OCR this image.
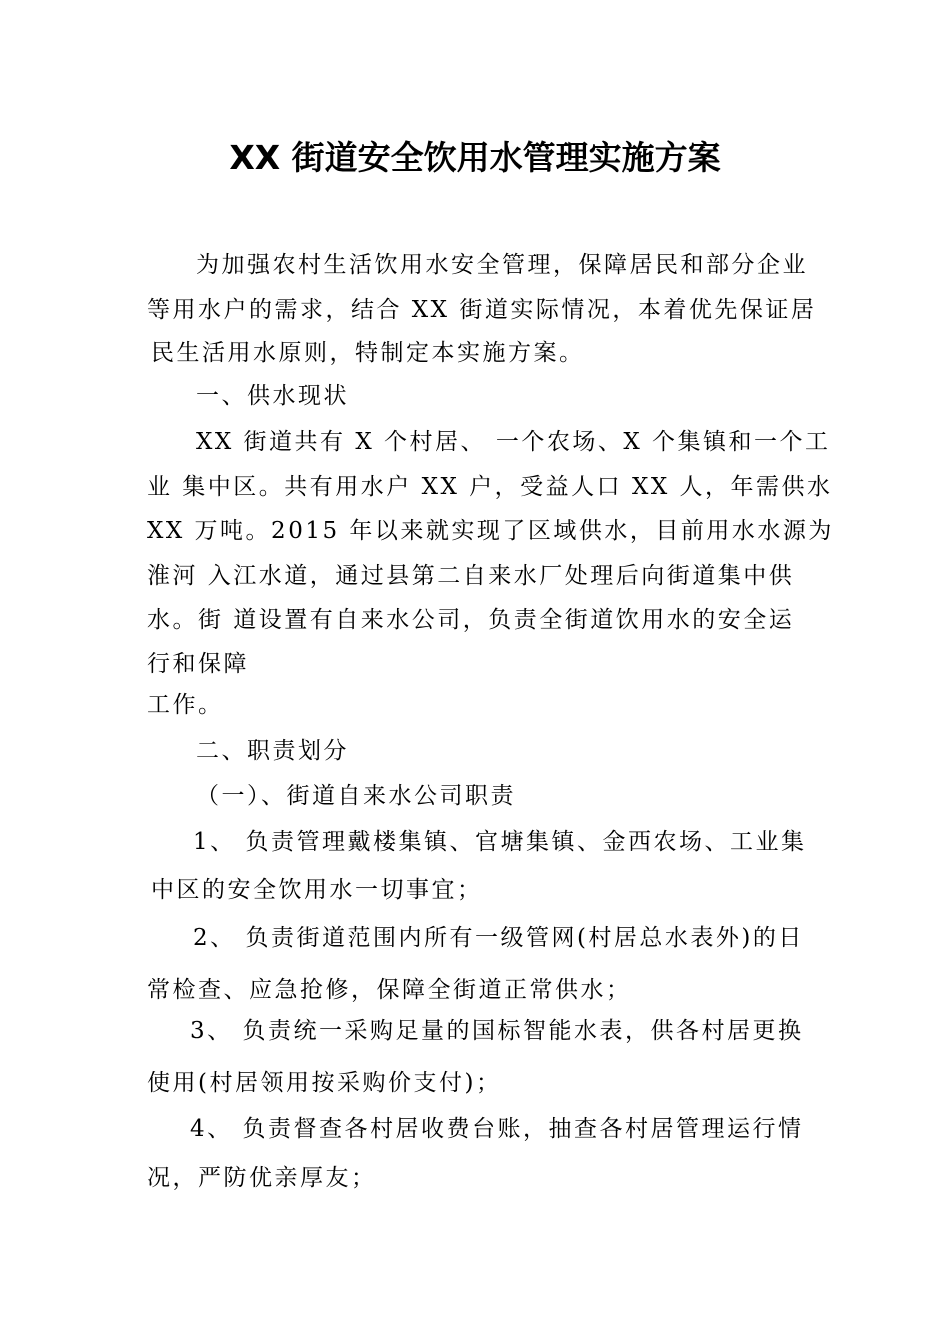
XX 街道安全饮用水管理实施方案
为加强农村生活饮用水安全管理，保障居民和部分企业
等用水户的需求，结合 XX 街道实际情况，本着优先保证居
民生活用水原则，特制定本实施方案。
一、供水现状
XX 街道共有 X 个村居、 一个农场、X 个集镇和一个工
业 集中区。共有用水户 XX 户，受益人口 XX 人，年需供水
XX 万吨。2015 年以来就实现了区域供水，目前用水水源为
淮河 入江水道，通过县第二自来水厂处理后向街道集中供
水。街 道设置有自来水公司，负责全街道饮用水的安全运
行和保障
工作。
二、职责划分
（一）、街道自来水公司职责
1、 负责管理戴楼集镇、官塘集镇、金西农场、工业集
中区的安全饮用水一切事宜；
2、 负责街道范围内所有一级管网(村居总水表外)的日
常检查、应急抢修，保障全街道正常供水；
3、 负责统一采购足量的国标智能水表，供各村居更换
使用(村居领用按采购价支付)；
4、 负责督查各村居收费台账，抽查各村居管理运行情
况，严防优亲厚友；
